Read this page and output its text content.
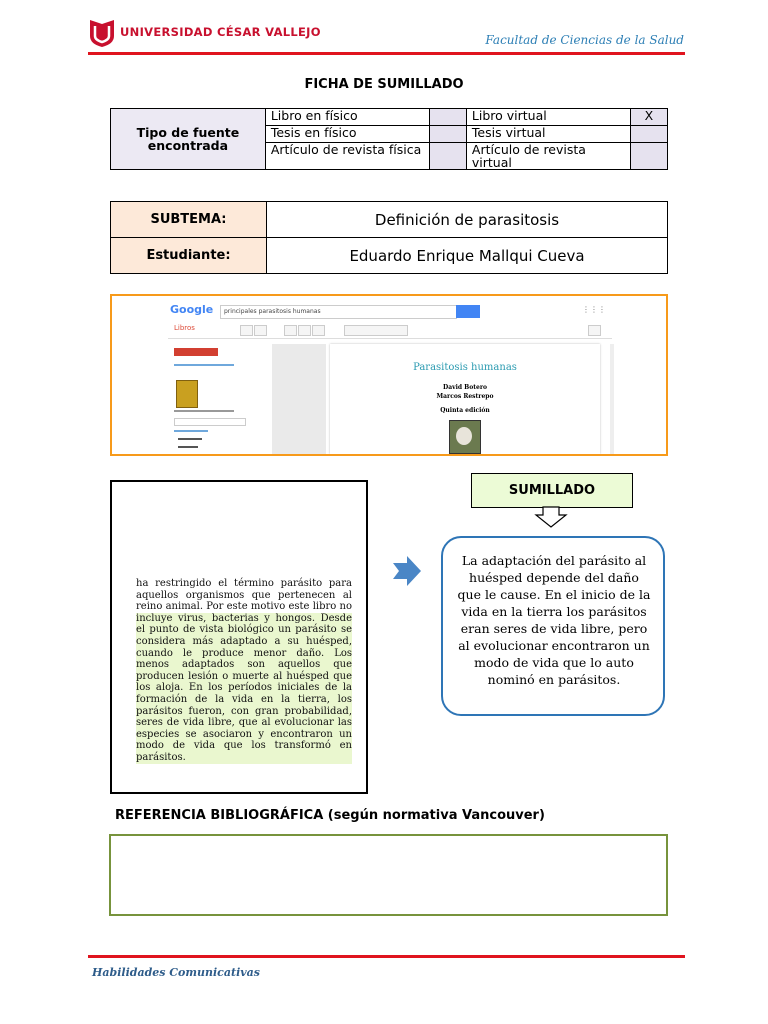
UNIVERSIDAD CÉSAR VALLEJO
Facultad de Ciencias de la Salud
FICHA DE SUMILLADO
Tipo de fuente encontrada	Libro en físico		Libro virtual	X
	Tesis en físico		Tesis virtual	
	Artículo de revista física		Artículo de revista virtual	
SUBTEMA:	Definición de parasitosis
Estudiante:	Eduardo Enrique Mallqui Cueva
Google	principales parasitosis humanas	⋮⋮⋮
Libros
Parasitosis humanas
David Botero
Marcos Restrepo
Quinta edición
ha restringido el término parásito para aquellos organismos que pertenecen al reino animal. Por este motivo este libro no incluye virus, bacterias y hongos. Desde el punto de vista biológico un parásito se considera más adaptado a su huésped, cuando le produce menor daño. Los menos adaptados son aquellos que producen lesión o muerte al huésped que los aloja. En los períodos iniciales de la formación de la vida en la tierra, los parásitos fueron, con gran probabilidad, seres de vida libre, que al evolucionar las especies se asociaron y encontraron un modo de vida que los transformó en parásitos.
SUMILLADO
La adaptación del parásito al huésped depende del daño que le cause. En el inicio de la vida en la tierra los parásitos eran seres de vida libre, pero al evolucionar encontraron un modo de vida que lo auto nominó en parásitos.
REFERENCIA BIBLIOGRÁFICA (según normativa Vancouver)
Habilidades Comunicativas
